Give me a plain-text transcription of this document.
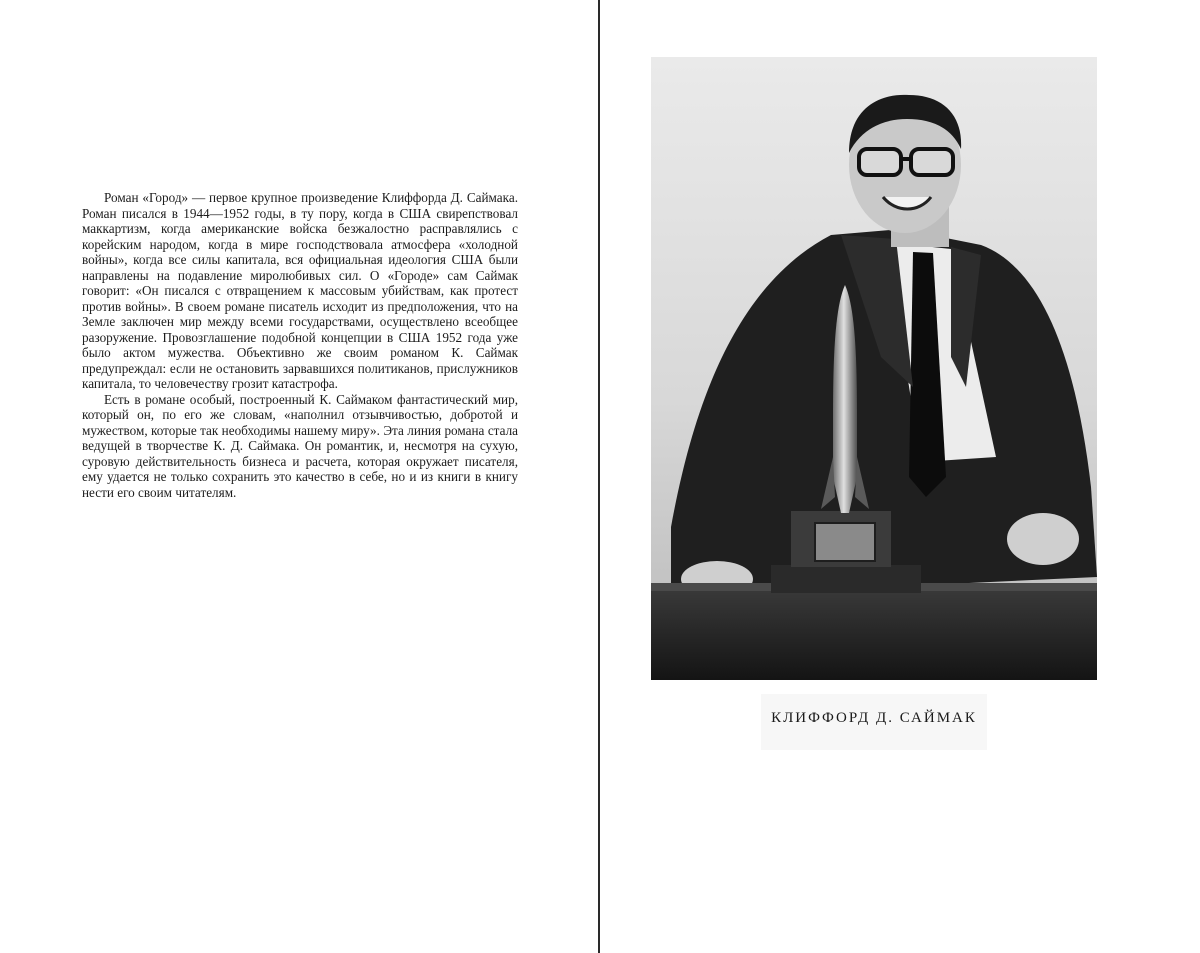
Роман «Город» — первое крупное произведение Клиффорда Д. Саймака. Роман писался в 1944—1952 годы, в ту пору, когда в США свирепствовал маккартизм, когда американские войска безжалостно расправлялись с корейским народом, когда в мире господствовала атмосфера «холодной войны», когда все силы капитала, вся официальная идеология США были направлены на подавление миролюбивых сил. О «Городе» сам Саймак говорит: «Он писался с отвращением к массовым убийствам, как протест против войны». В своем романе писатель исходит из предположения, что на Земле заключен мир между всеми государствами, осуществлено всеобщее разоружение. Провозглашение подобной концепции в США 1952 года уже было актом мужества. Объективно же своим романом К. Саймак предупреждал: если не остановить зарвавшихся политиканов, прислужников капитала, то человечеству грозит катастрофа.

Есть в романе особый, построенный К. Саймаком фантастический мир, который он, по его же словам, «наполнил отзывчивостью, добротой и мужеством, которые так необходимы нашему миру». Эта линия романа стала ведущей в творчестве К. Д. Саймака. Он романтик, и, несмотря на сухую, суровую действительность бизнеса и расчета, которая окружает писателя, ему удается не только сохранить это качество в себе, но и из книги в книгу нести его своим читателям.

КЛИФФОРД Д. САЙМАК
